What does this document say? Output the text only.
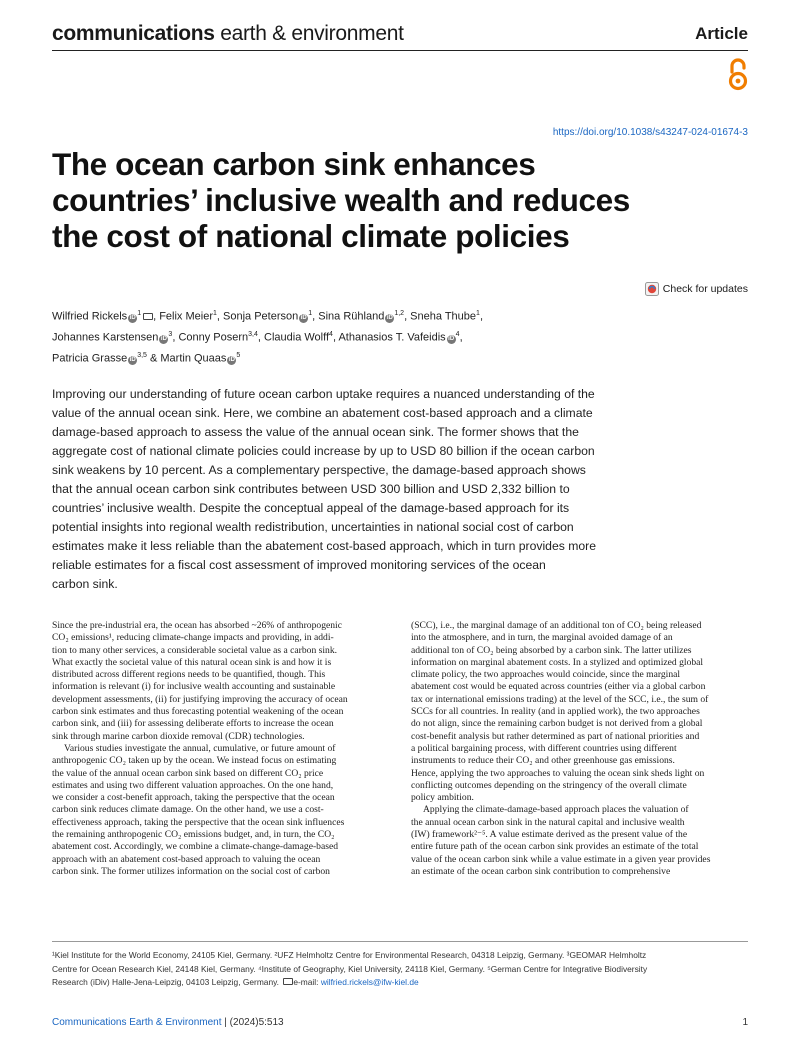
communications earth & environment	Article
https://doi.org/10.1038/s43247-024-01674-3
The ocean carbon sink enhances
countries’ inclusive wealth and reduces
the cost of national climate policies
Check for updates
Wilfried Rickels $iD^1$ , Felix Meier$^1$, Sonja Peterson $iD^1$, Sina Rühland iD$^{1,2}$, Sneha Thube$^1$,
Johannes Karstensen $iD^3$, Conny Posern$^{3,4}$, Claudia Wolff$^4$, Athanasios T. Vafeidis $iD^4$,
Patricia Grasse iD$^{3,5}$ & Martin Quaas $iD^5$
Improving our understanding of future ocean carbon uptake requires a nuanced understanding of the
value of the annual ocean sink. Here, we combine an abatement cost-based approach and a climate
damage-based approach to assess the value of the annual ocean sink. The former shows that the
aggregate cost of national climate policies could increase by up to USD 80 billion if the ocean carbon
sink weakens by 10 percent. As a complementary perspective, the damage-based approach shows
that the annual ocean carbon sink contributes between USD 300 billion and USD 2,332 billion to
countries’ inclusive wealth. Despite the conceptual appeal of the damage-based approach for its
potential insights into regional wealth redistribution, uncertainties in national social cost of carbon
estimates make it less reliable than the abatement cost-based approach, which in turn provides more
reliable estimates for a fiscal cost assessment of improved monitoring services of the ocean
carbon sink.
Since the pre-industrial era, the ocean has absorbed ~26% of anthropogenic
CO₂ emissions¹, reducing climate-change impacts and providing, in addi-
tion to many other services, a considerable societal value as a carbon sink.
What exactly the societal value of this natural ocean sink is and how it is
distributed across different regions needs to be quantified, though. This
information is relevant (i) for inclusive wealth accounting and sustainable
development assessments, (ii) for justifying improving the accuracy of ocean
carbon sink estimates and thus forecasting potential weakening of the ocean
carbon sink, and (iii) for assessing deliberate efforts to increase the ocean
sink through marine carbon dioxide removal (CDR) technologies.
Various studies investigate the annual, cumulative, or future amount of
anthropogenic CO₂ taken up by the ocean. We instead focus on estimating
the value of the annual ocean carbon sink based on different CO₂ price
estimates and using two different valuation approaches. On the one hand,
we consider a cost-benefit approach, taking the perspective that the ocean
carbon sink reduces climate damage. On the other hand, we use a cost-
effectiveness approach, taking the perspective that the ocean sink influences
the remaining anthropogenic CO₂ emissions budget, and, in turn, the CO₂
abatement cost. Accordingly, we combine a climate-change-damage-based
approach with an abatement cost-based approach to valuing the ocean
carbon sink. The former utilizes information on the social cost of carbon
(SCC), i.e., the marginal damage of an additional ton of CO₂ being released
into the atmosphere, and in turn, the marginal avoided damage of an
additional ton of CO₂ being absorbed by a carbon sink. The latter utilizes
information on marginal abatement costs. In a stylized and optimized global
climate policy, the two approaches would coincide, since the marginal
abatement cost would be equated across countries (either via a global carbon
tax or international emissions trading) at the level of the SCC, i.e., the sum of
SCCs for all countries. In reality (and in applied work), the two approaches
do not align, since the remaining carbon budget is not derived from a global
cost-benefit analysis but rather determined as part of national priorities and
a political bargaining process, with different countries using different
instruments to reduce their CO₂ and other greenhouse gas emissions.
Hence, applying the two approaches to valuing the ocean sink sheds light on
conflicting outcomes depending on the stringency of the overall climate
policy ambition.
Applying the climate-damage-based approach places the valuation of
the annual ocean carbon sink in the natural capital and inclusive wealth
(IW) framework²⁻⁵. A value estimate derived as the present value of the
entire future path of the ocean carbon sink provides an estimate of the total
value of the ocean carbon sink while a value estimate in a given year provides
an estimate of the ocean carbon sink contribution to comprehensive
¹Kiel Institute for the World Economy, 24105 Kiel, Germany. ²UFZ Helmholtz Centre for Environmental Research, 04318 Leipzig, Germany. ³GEOMAR Helmholtz
Centre for Ocean Research Kiel, 24148 Kiel, Germany. ⁴Institute of Geography, Kiel University, 24118 Kiel, Germany. ⁵German Centre for Integrative Biodiversity
Research (iDiv) Halle-Jena-Leipzig, 04103 Leipzig, Germany. e-mail: wilfried.rickels@ifw-kiel.de
Communications Earth & Environment | (2024)5:513	1
